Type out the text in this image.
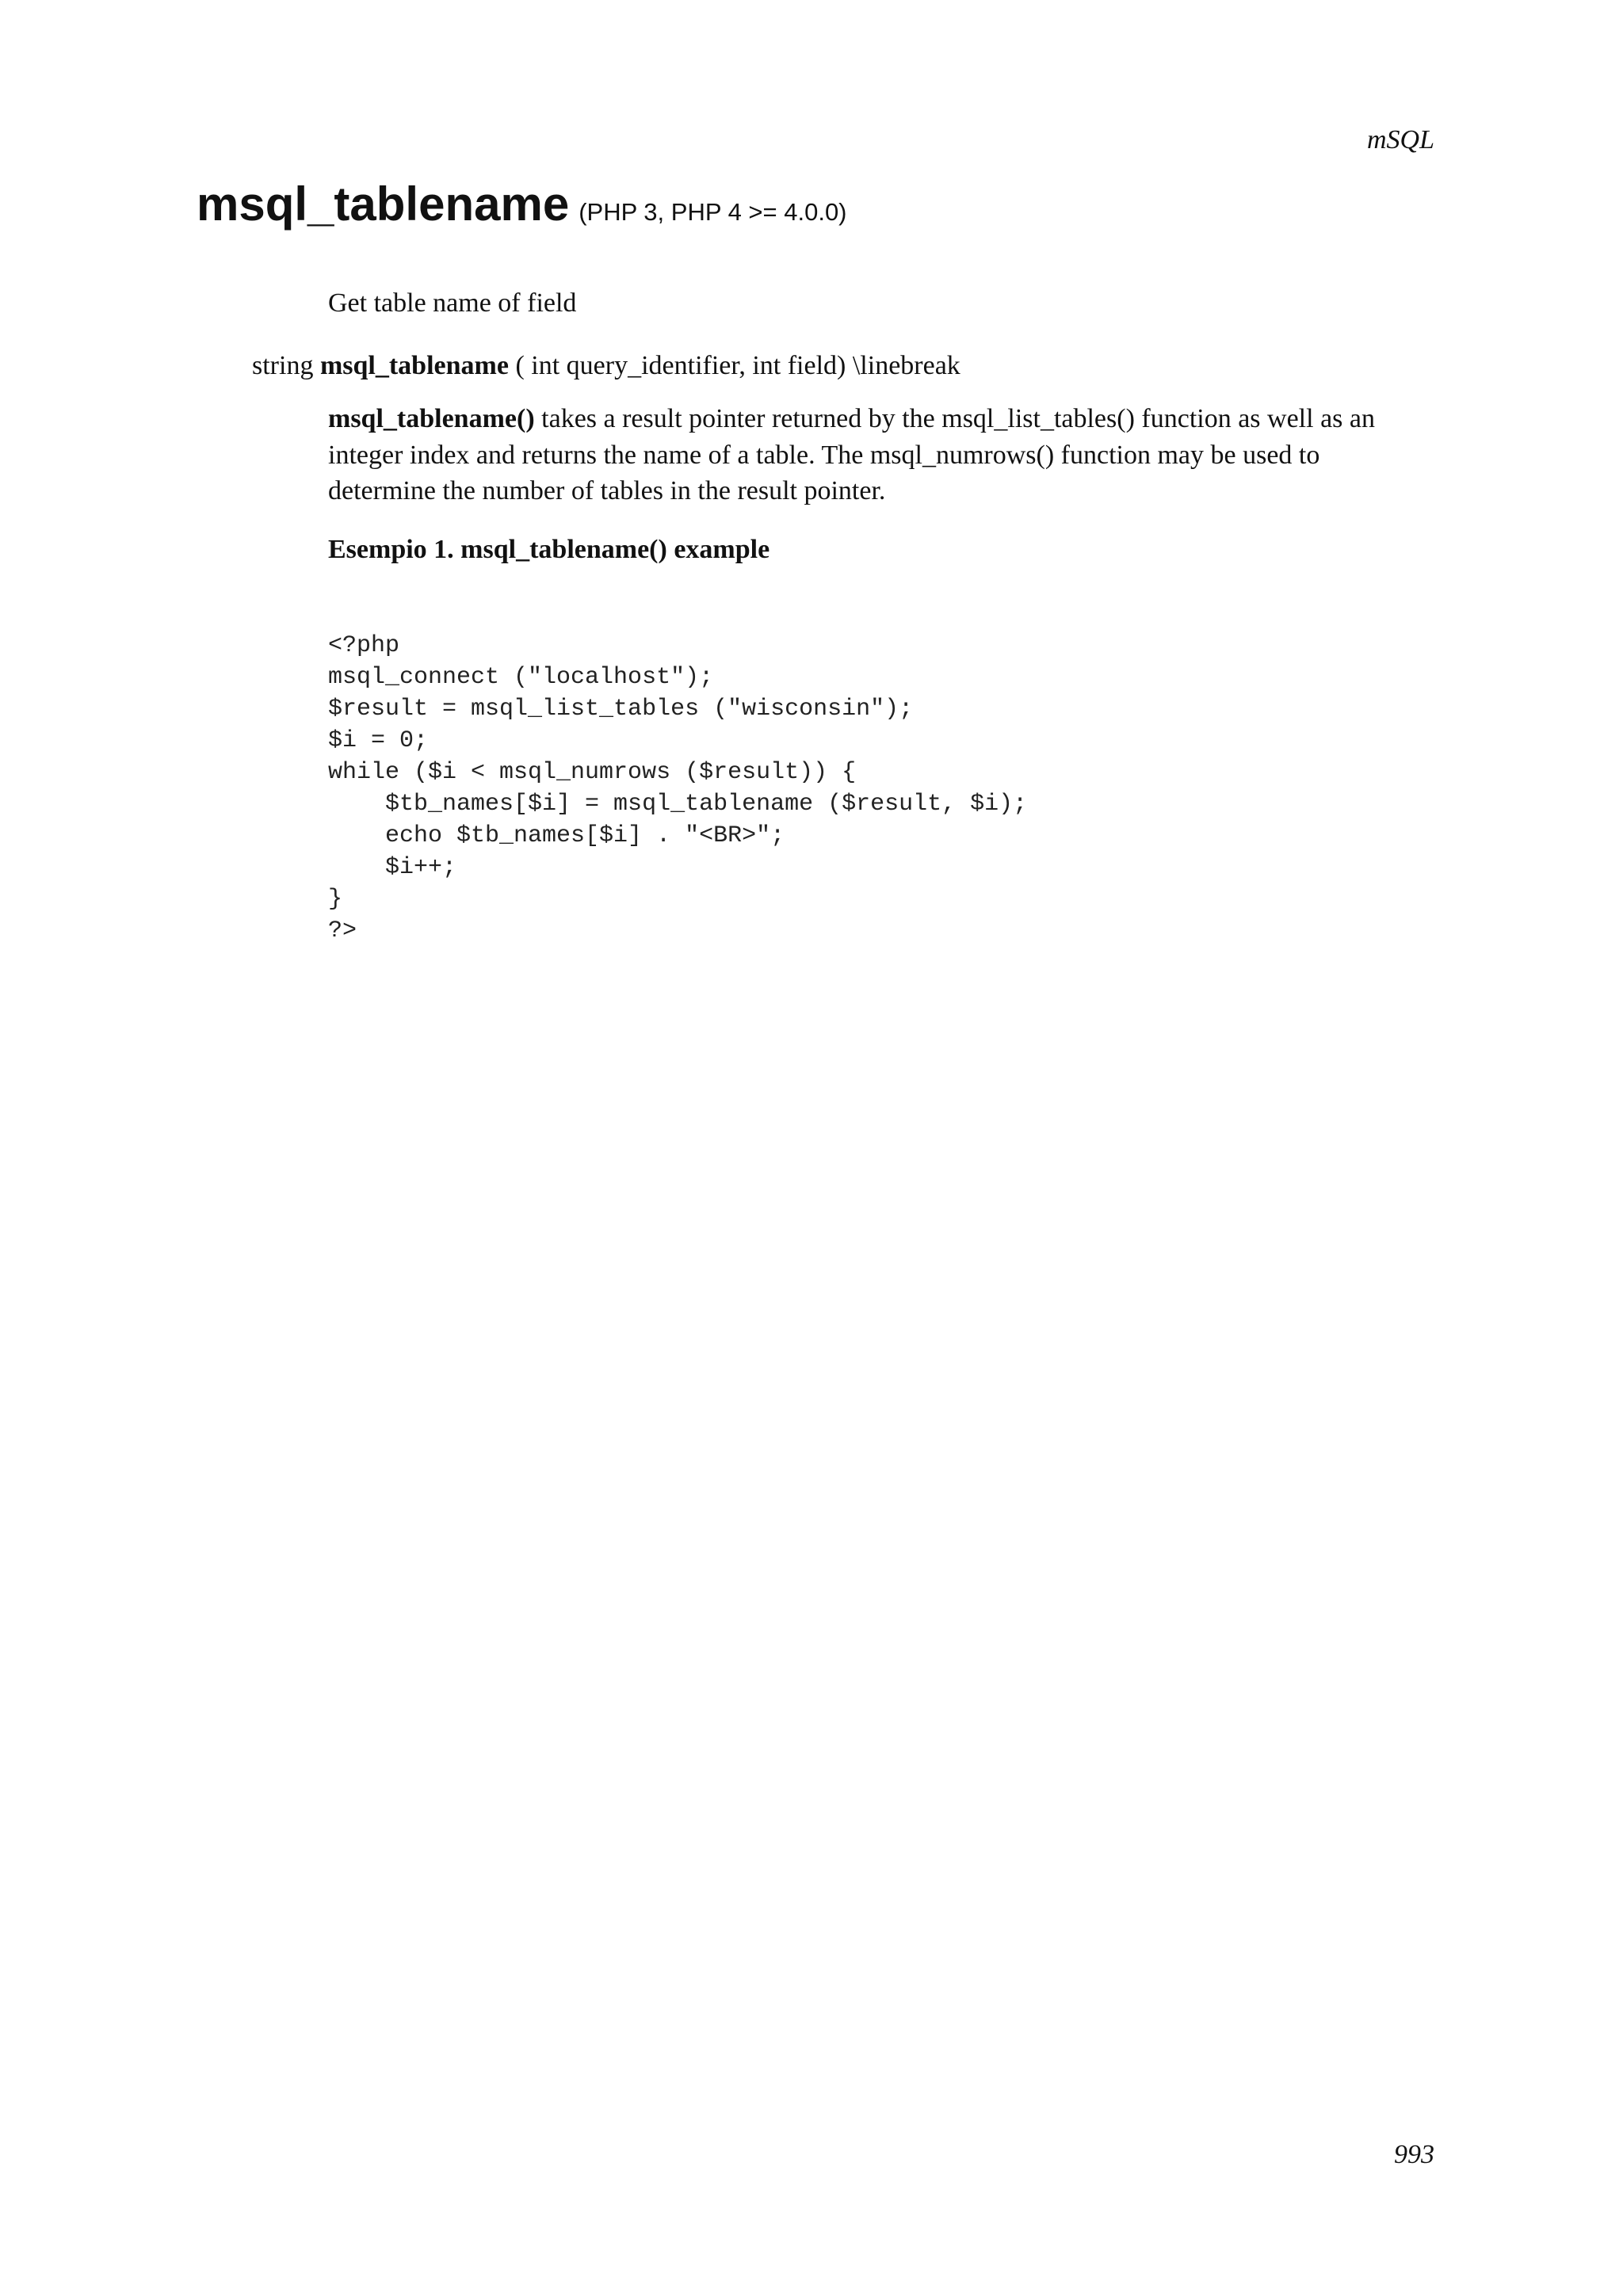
mSQL
msql_tablename (PHP 3, PHP 4 >= 4.0.0)
Get table name of field
string msql_tablename ( int query_identifier, int field) \linebreak
msql_tablename() takes a result pointer returned by the msql_list_tables() function as well as an integer index and returns the name of a table. The msql_numrows() function may be used to determine the number of tables in the result pointer.
Esempio 1. msql_tablename() example
<?php
msql_connect ("localhost");
$result = msql_list_tables ("wisconsin");
$i = 0;
while ($i < msql_numrows ($result)) {
$tb_names[$i] = msql_tablename ($result, $i);
echo $tb_names[$i] . "<BR>";
$i++;
}
?>
993
